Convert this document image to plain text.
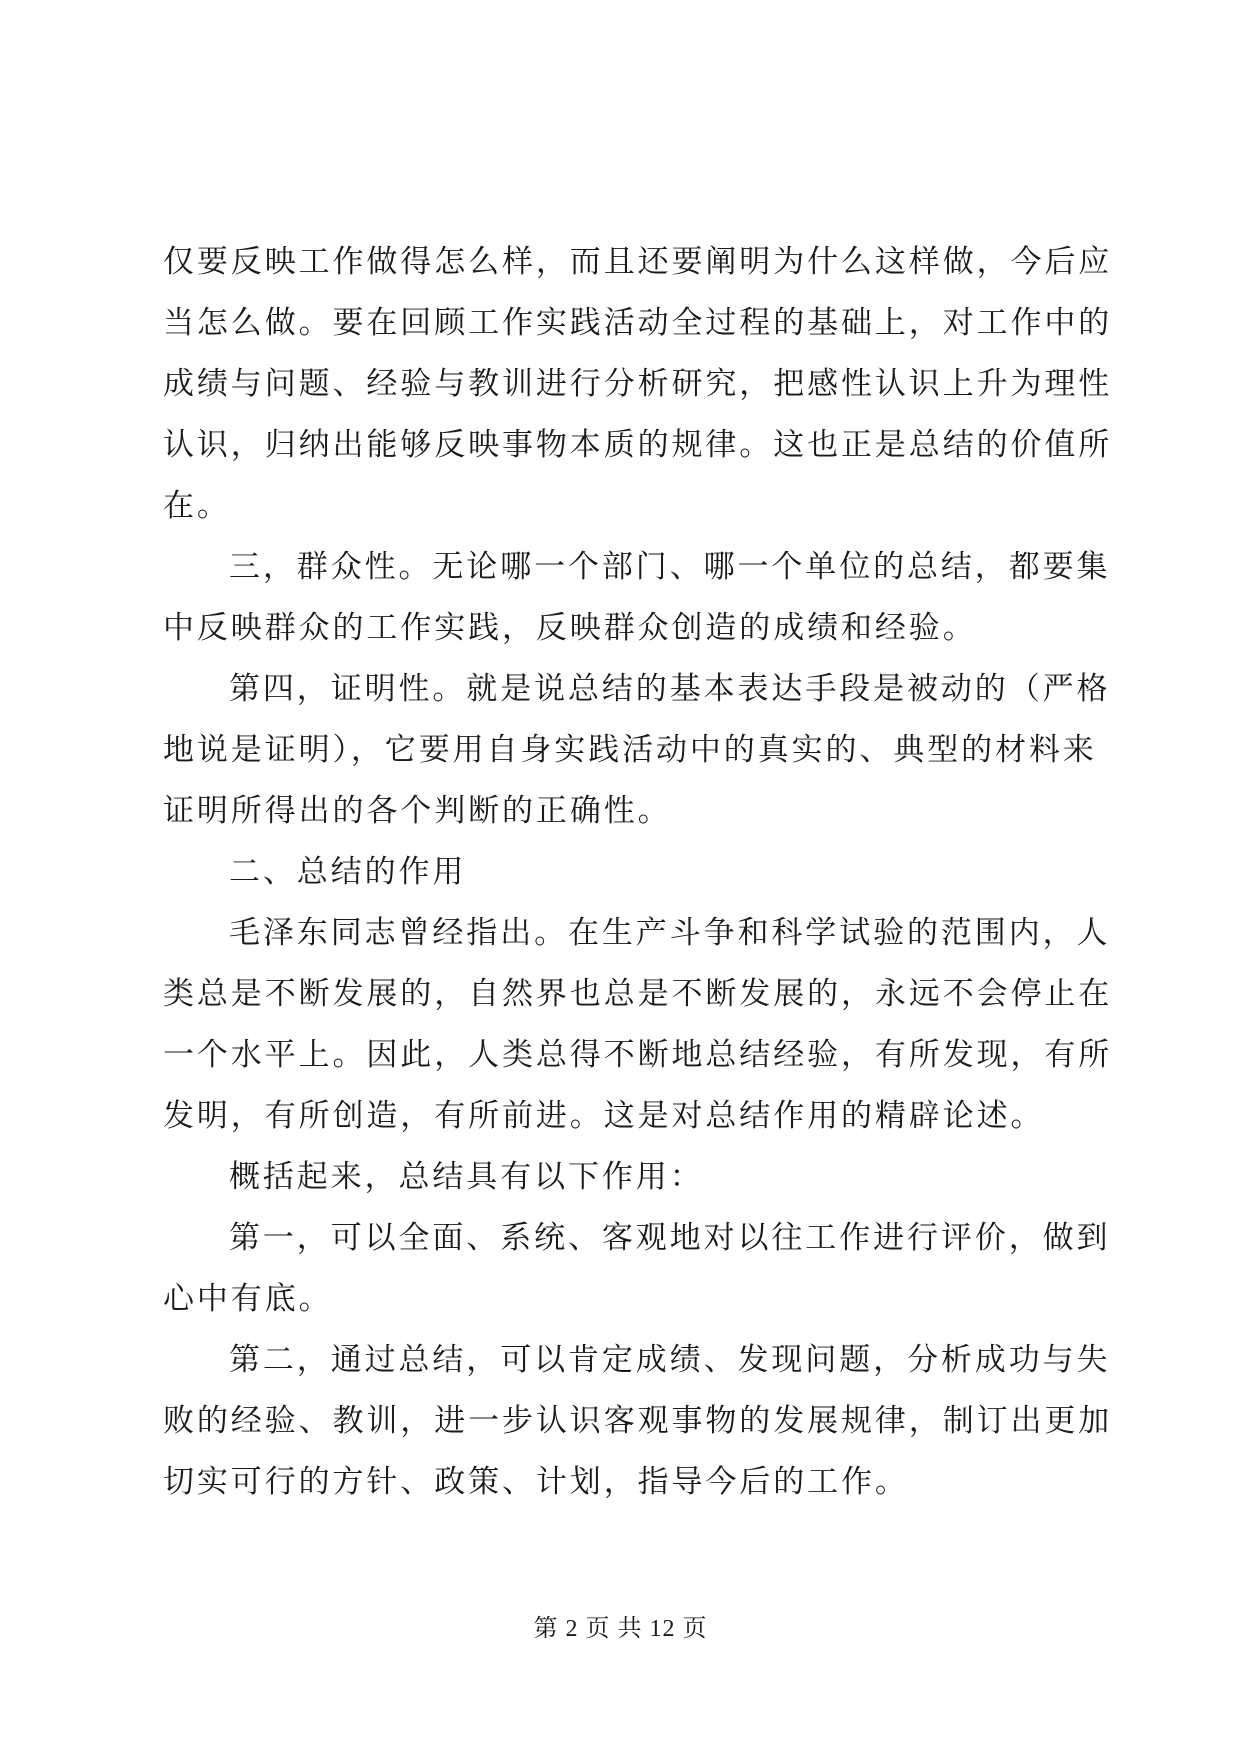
仅要反映工作做得怎么样，而且还要阐明为什么这样做，今后应
当怎么做。要在回顾工作实践活动全过程的基础上，对工作中的
成绩与问题、经验与教训进行分析研究，把感性认识上升为理性
认识，归纳出能够反映事物本质的规律。这也正是总结的价值所
在。
三，群众性。无论哪一个部门、哪一个单位的总结，都要集
中反映群众的工作实践，反映群众创造的成绩和经验。
第四，证明性。就是说总结的基本表达手段是被动的（严格
地说是证明），它要用自身实践活动中的真实的、典型的材料来
证明所得出的各个判断的正确性。
二、总结的作用
毛泽东同志曾经指出。在生产斗争和科学试验的范围内，人
类总是不断发展的，自然界也总是不断发展的，永远不会停止在
一个水平上。因此，人类总得不断地总结经验，有所发现，有所
发明，有所创造，有所前进。这是对总结作用的精辟论述。
概括起来，总结具有以下作用：
第一，可以全面、系统、客观地对以往工作进行评价，做到
心中有底。
第二，通过总结，可以肯定成绩、发现问题，分析成功与失
败的经验、教训，进一步认识客观事物的发展规律，制订出更加
切实可行的方针、政策、计划，指导今后的工作。
第 2 页 共 12 页
